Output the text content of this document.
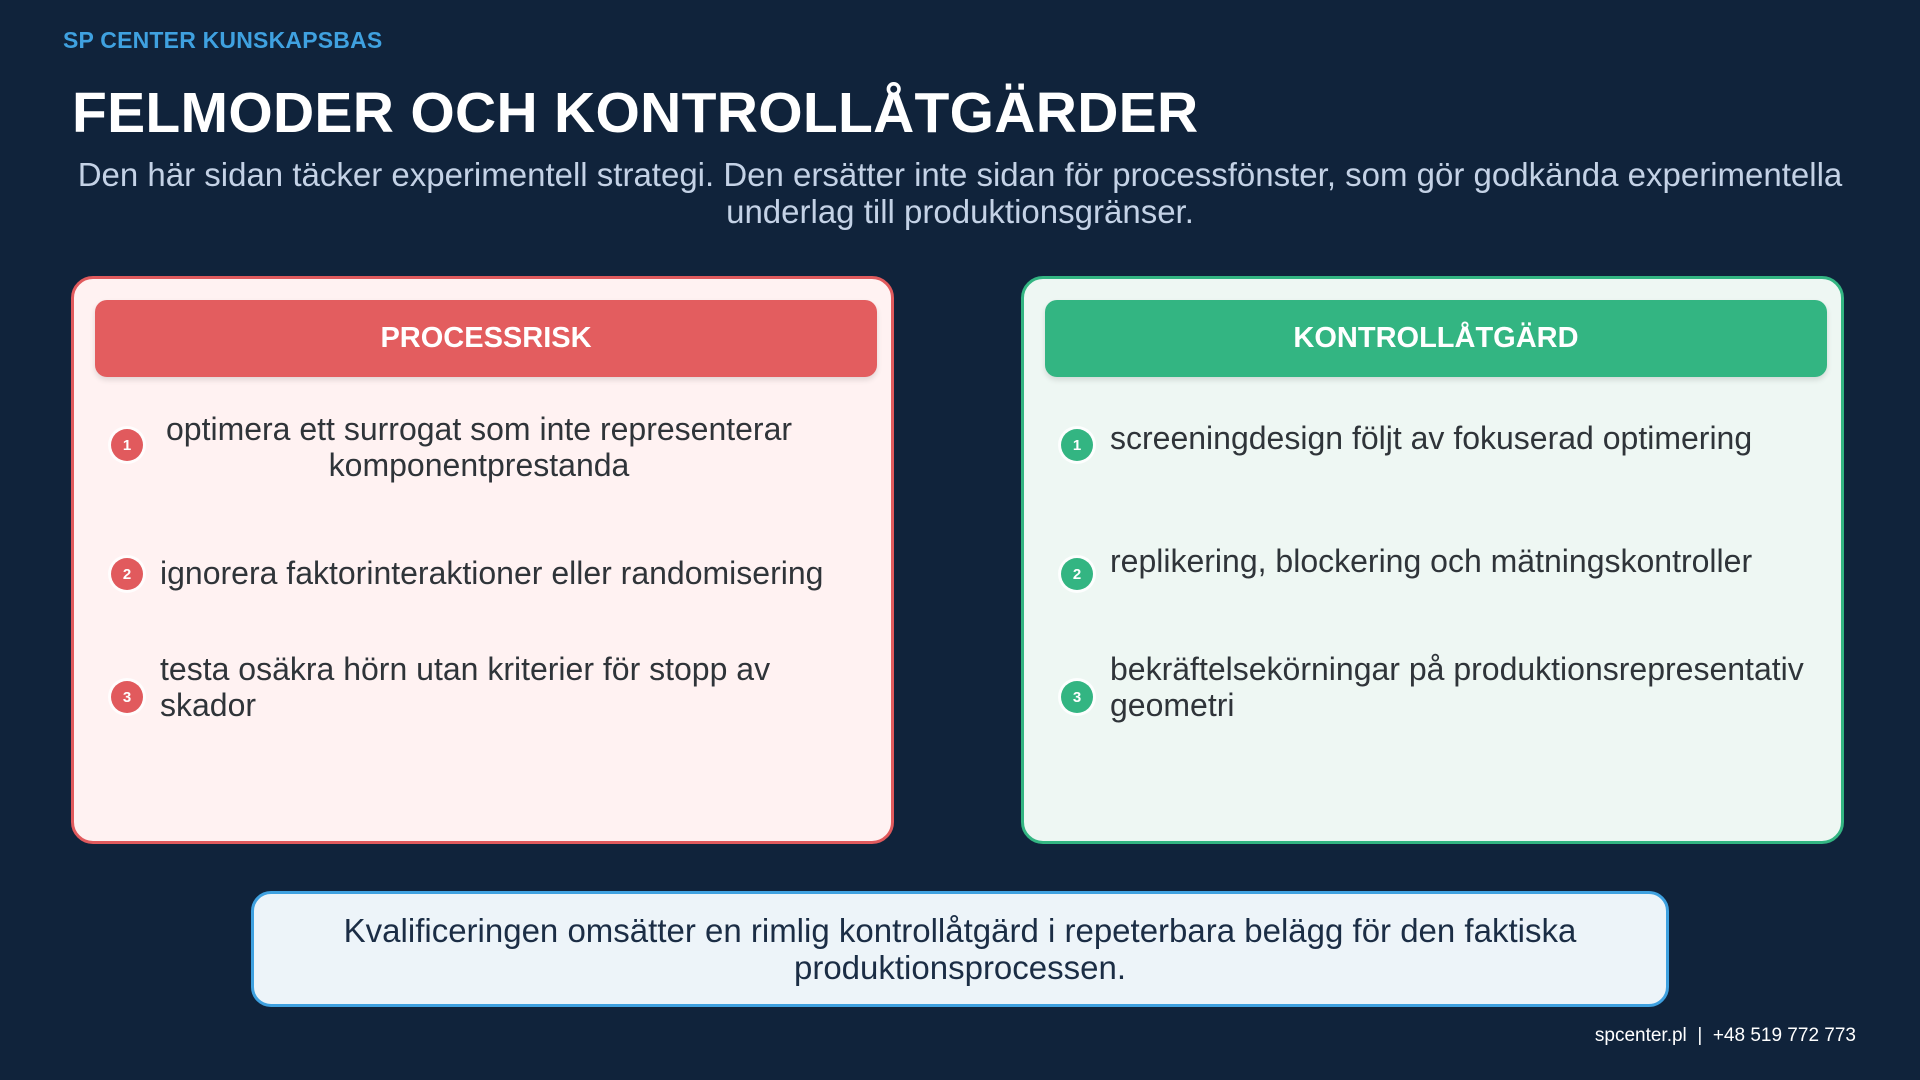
SP CENTER KUNSKAPSBAS
FELMODER OCH KONTROLLÅTGÄRDER
Den här sidan täcker experimentell strategi. Den ersätter inte sidan för processfönster, som gör godkända experimentella underlag till produktionsgränser.
PROCESSRISK
1	optimera ett surrogat som inte representerar komponentprestanda
2 ignorera faktorinteraktioner eller randomisering
3
testa osäkra hörn utan kriterier för stopp av skador
KONTROLLÅTGÄRD
1 screeningdesign följt av fokuserad optimering
2 replikering, blockering och mätningskontroller
3
bekräftelsekörningar på produktionsrepresentativ geometri
Kvalificeringen omsätter en rimlig kontrollåtgärd i repeterbara belägg för den faktiska produktionsprocessen.
spcenter.pl  |  +48 519 772 773
